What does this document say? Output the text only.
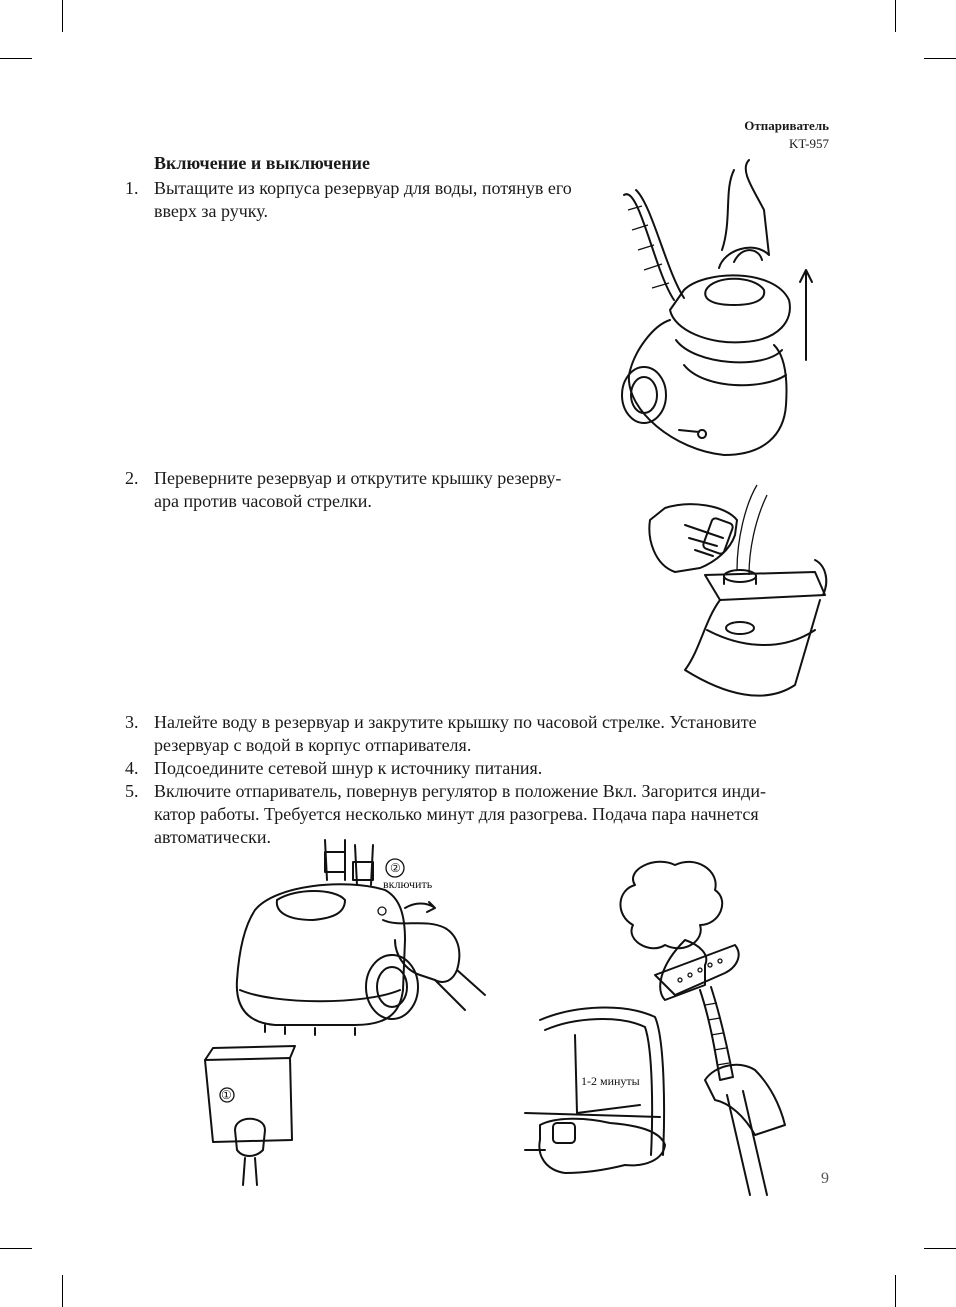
Отпариватель
KT-957
Включение и выключение
1. Вытащите из корпуса резервуар для воды, потянув его
вверх за ручку.
2. Переверните резервуар и открутите крышку резерву-
ара против часовой стрелки.
3. Налейте воду в резервуар и закрутите крышку по часовой стрелке. Установите
резервуар с водой в корпус отпаривателя.
4. Подсоедините сетевой шнур к источнику питания.
5. Включите отпариватель, повернув регулятор в положение Вкл. Загорится инди-
катор работы. Требуется несколько минут для разогрева. Подача пара начнется
автоматически.
②
включить
①
1-2 минуты
9
